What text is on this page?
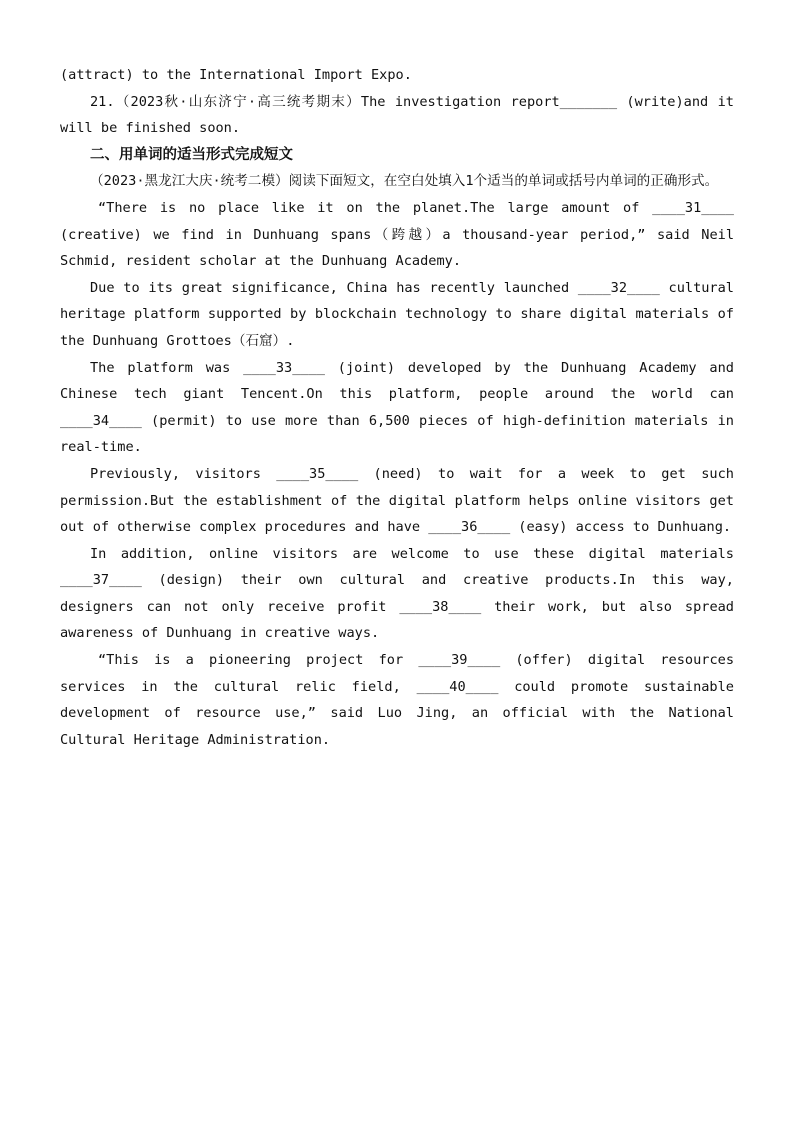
(attract) to the International Import Expo.

21.（2023秋·山东济宁·高三统考期末）The investigation report_______ (write)and it will be finished soon.

二、用单词的适当形式完成短文

（2023·黑龙江大庆·统考二模）阅读下面短文，在空白处填入1个适当的单词或括号内单词的正确形式。

“There is no place like it on the planet.The large amount of ____31____ (creative) we find in Dunhuang spans（跨越）a thousand-year period,” said Neil Schmid, resident scholar at the Dunhuang Academy.

Due to its great significance, China has recently launched ____32____ cultural heritage platform supported by blockchain technology to share digital materials of the Dunhuang Grottoes（石窟）.

The platform was ____33____ (joint) developed by the Dunhuang Academy and Chinese tech giant Tencent.On this platform, people around the world can ____34____ (permit) to use more than 6,500 pieces of high-definition materials in real-time.

Previously, visitors ____35____ (need) to wait for a week to get such permission.But the establishment of the digital platform helps online visitors get out of otherwise complex procedures and have ____36____ (easy) access to Dunhuang.

In addition, online visitors are welcome to use these digital materials ____37____ (design) their own cultural and creative products.In this way, designers can not only receive profit ____38____ their work, but also spread awareness of Dunhuang in creative ways.

“This is a pioneering project for ____39____ (offer) digital resources services in the cultural relic field, ____40____ could promote sustainable development of resource use,” said Luo Jing, an official with the National Cultural Heritage Administration.
